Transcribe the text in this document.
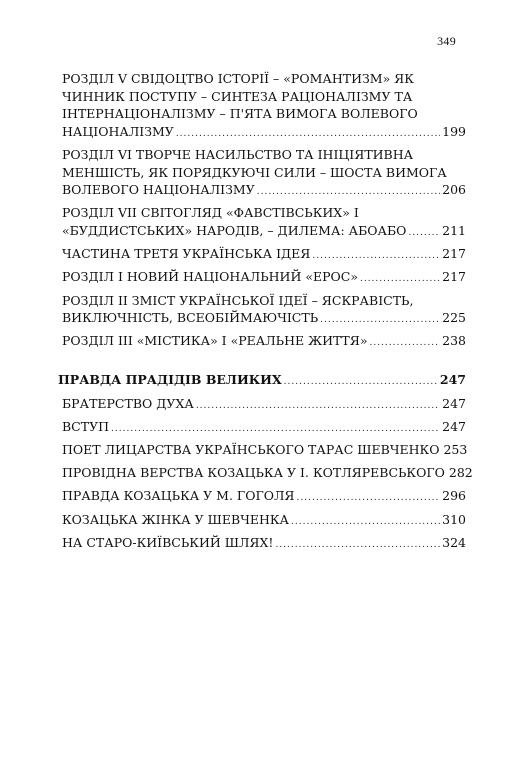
349
РОЗДІЛ V СВІДОЦТВО ІСТОРІЇ – «РОМАНТИЗМ» ЯК
ЧИННИК ПОСТУПУ – СИНТЕЗА РАЦІОНАЛІЗМУ ТА
ІНТЕРНАЦІОНАЛІЗМУ – П'ЯТА ВИМОГА ВОЛЕВОГО
НАЦІОНАЛІЗМУ .....	199
РОЗДІЛ VI ТВОРЧЕ НАСИЛЬСТВО ТА ІНІЦІЯТИВНА
МЕНШІСТЬ, ЯК ПОРЯДКУЮЧІ СИЛИ – ШОСТА ВИМОГА
ВОЛЕВОГО НАЦІОНАЛІЗМУ .....	206
РОЗДІЛ VII СВІТОГЛЯД «ФАВСТІВСЬКИХ» І
«БУДДИСТСЬКИХ» НАРОДІВ, – ДИЛЕМА: АБОАБО .....	211
ЧАСТИНА ТРЕТЯ УКРАЇНСЬКА ІДЕЯ .....	217
РОЗДІЛ І НОВИЙ НАЦІОНАЛЬНИЙ «ЕРОС» .....	217
РОЗДІЛ ІІ ЗМІСТ УКРАЇНСЬКОЇ ІДЕЇ – ЯСКРАВІСТЬ,
ВИКЛЮЧНІСТЬ, ВСЕОБІЙМАЮЧІСТЬ .....	225
РОЗДІЛ ІІІ «МІСТИКА» І «РЕАЛЬНЕ ЖИТТЯ» .....	238
ПРАВДА ПРАДІДІВ ВЕЛИКИХ .....	247
БРАТЕРСТВО ДУХА .....	247
ВСТУП .....	247
ПОЕТ ЛИЦАРСТВА УКРАЇНСЬКОГО ТАРАС ШЕВЧЕНКО 253
ПРОВІДНА ВЕРСТВА КОЗАЦЬКА У І. КОТЛЯРЕВСЬКОГО 282
ПРАВДА КОЗАЦЬКА У М. ГОГОЛЯ .....	296
КОЗАЦЬКА ЖІНКА У ШЕВЧЕНКА .....	310
НА СТАРО-КИЇВСЬКИЙ ШЛЯХ! .....	324
